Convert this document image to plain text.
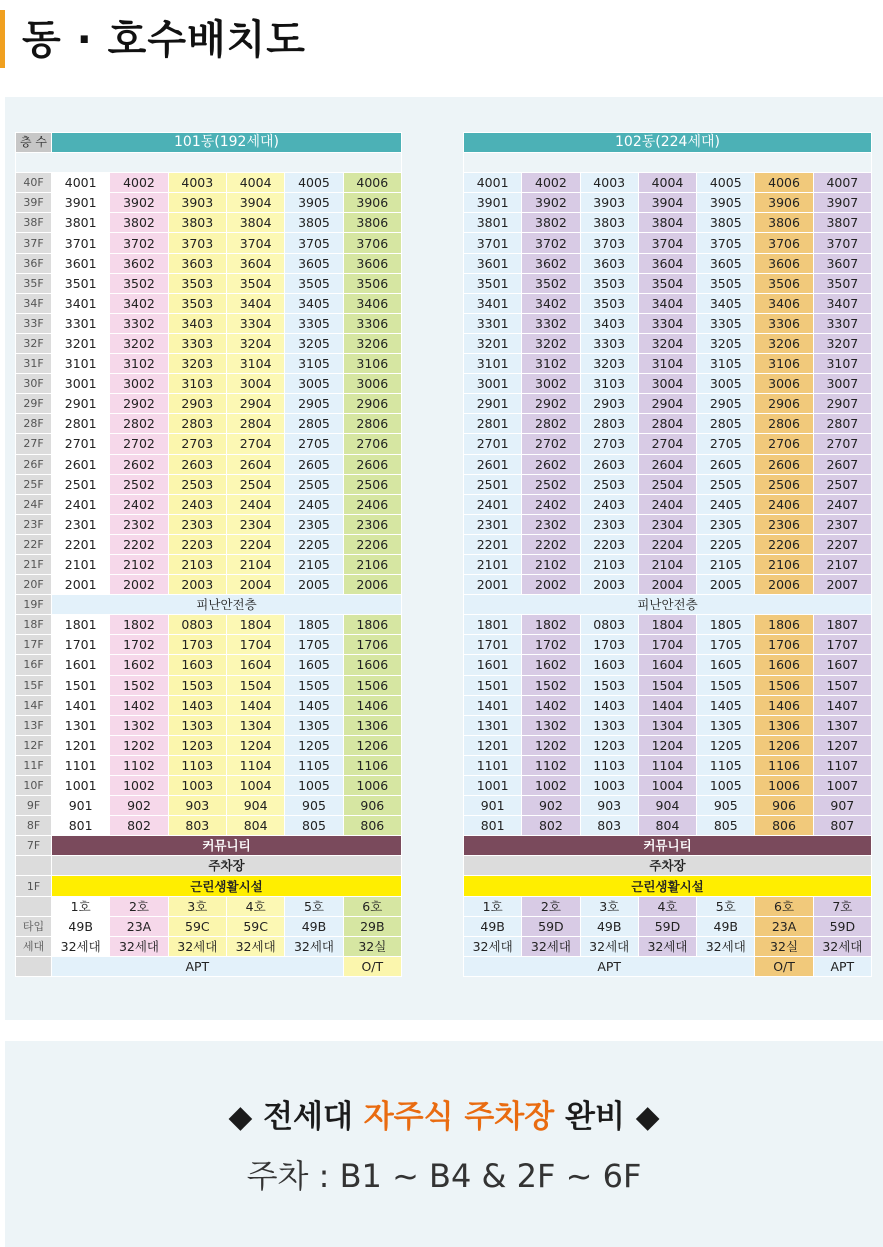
동 · 호수배치도
층 수	101동(192세대)					

40F	4001	4002	4003	4004	4005	4006
39F	3901	3902	3903	3904	3905	3906
38F	3801	3802	3803	3804	3805	3806
37F	3701	3702	3703	3704	3705	3706
36F	3601	3602	3603	3604	3605	3606
35F	3501	3502	3503	3504	3505	3506
34F	3401	3402	3503	3404	3405	3406
33F	3301	3302	3403	3304	3305	3306
32F	3201	3202	3303	3204	3205	3206
31F	3101	3102	3203	3104	3105	3106
30F	3001	3002	3103	3004	3005	3006
29F	2901	2902	2903	2904	2905	2906
28F	2801	2802	2803	2804	2805	2806
27F	2701	2702	2703	2704	2705	2706
26F	2601	2602	2603	2604	2605	2606
25F	2501	2502	2503	2504	2505	2506
24F	2401	2402	2403	2404	2405	2406
23F	2301	2302	2303	2304	2305	2306
22F	2201	2202	2203	2204	2205	2206
21F	2101	2102	2103	2104	2105	2106
20F	2001	2002	2003	2004	2005	2006
19F	피난안전층					
18F	1801	1802	0803	1804	1805	1806
17F	1701	1702	1703	1704	1705	1706
16F	1601	1602	1603	1604	1605	1606
15F	1501	1502	1503	1504	1505	1506
14F	1401	1402	1403	1404	1405	1406
13F	1301	1302	1303	1304	1305	1306
12F	1201	1202	1203	1204	1205	1206
11F	1101	1102	1103	1104	1105	1106
10F	1001	1002	1003	1004	1005	1006
9F	901	902	903	904	905	906
8F	801	802	803	804	805	806
7F	커뮤니티					
	주차장					
1F	근린생활시설					
	1호	2호	3호	4호	5호	6호
타입	49B	23A	59C	59C	49B	29B
세대	32세대	32세대	32세대	32세대	32세대	32실
	APT					O/T
102동(224세대)						

4001	4002	4003	4004	4005	4006	4007
3901	3902	3903	3904	3905	3906	3907
3801	3802	3803	3804	3805	3806	3807
3701	3702	3703	3704	3705	3706	3707
3601	3602	3603	3604	3605	3606	3607
3501	3502	3503	3504	3505	3506	3507
3401	3402	3503	3404	3405	3406	3407
3301	3302	3403	3304	3305	3306	3307
3201	3202	3303	3204	3205	3206	3207
3101	3102	3203	3104	3105	3106	3107
3001	3002	3103	3004	3005	3006	3007
2901	2902	2903	2904	2905	2906	2907
2801	2802	2803	2804	2805	2806	2807
2701	2702	2703	2704	2705	2706	2707
2601	2602	2603	2604	2605	2606	2607
2501	2502	2503	2504	2505	2506	2507
2401	2402	2403	2404	2405	2406	2407
2301	2302	2303	2304	2305	2306	2307
2201	2202	2203	2204	2205	2206	2207
2101	2102	2103	2104	2105	2106	2107
2001	2002	2003	2004	2005	2006	2007
피난안전층						
1801	1802	0803	1804	1805	1806	1807
1701	1702	1703	1704	1705	1706	1707
1601	1602	1603	1604	1605	1606	1607
1501	1502	1503	1504	1505	1506	1507
1401	1402	1403	1404	1405	1406	1407
1301	1302	1303	1304	1305	1306	1307
1201	1202	1203	1204	1205	1206	1207
1101	1102	1103	1104	1105	1106	1107
1001	1002	1003	1004	1005	1006	1007
901	902	903	904	905	906	907
801	802	803	804	805	806	807
커뮤니티						
주차장						
근린생활시설						
1호	2호	3호	4호	5호	6호	7호
49B	59D	49B	59D	49B	23A	59D
32세대	32세대	32세대	32세대	32세대	32실	32세대
APT					O/T	APT
◆ 전세대 자주식 주차장 완비 ◆
주차 : B1 ~ B4 & 2F ~ 6F
